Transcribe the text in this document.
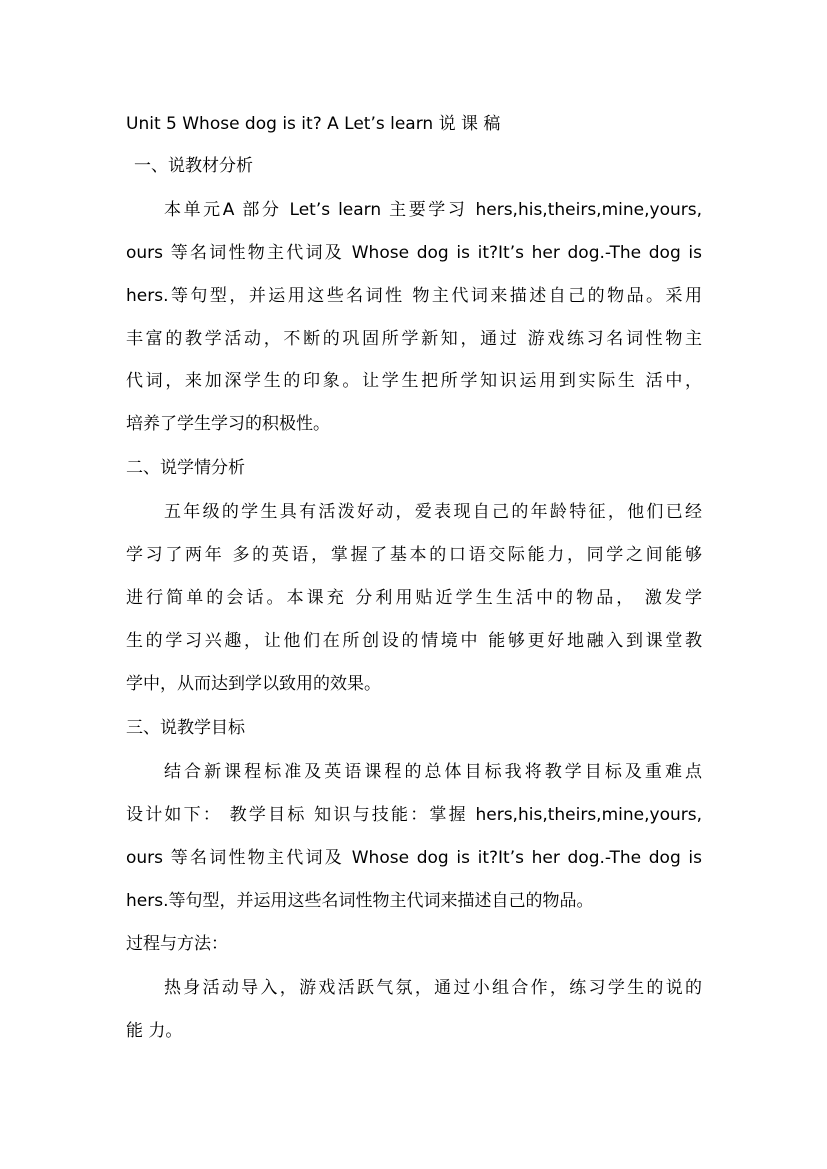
Unit 5 Whose dog is it? A Let’s learn 说 课 稿
一、说教材分析
本单元A 部分 Let’s learn 主要学习 hers,his,theirs,mine,yours,
ours 等名词性物主代词及 Whose dog is it?It’s her dog.-The dog is
hers.等句型，并运用这些名词性 物主代词来描述自己的物品。采用
丰富的教学活动，不断的巩固所学新知，通过 游戏练习名词性物主
代词，来加深学生的印象。让学生把所学知识运用到实际生 活中，
培养了学生学习的积极性。
二、说学情分析
五年级的学生具有活泼好动，爱表现自己的年龄特征，他们已经
学习了两年 多的英语，掌握了基本的口语交际能力，同学之间能够
进行简单的会话。本课充 分利用贴近学生生活中的物品， 激发学
生的学习兴趣，让他们在所创设的情境中 能够更好地融入到课堂教
学中，从而达到学以致用的效果。
三、说教学目标
结合新课程标准及英语课程的总体目标我将教学目标及重难点
设计如下： 教学目标 知识与技能：掌握 hers,his,theirs,mine,yours,
ours 等名词性物主代词及 Whose dog is it?It’s her dog.-The dog is
hers.等句型，并运用这些名词性物主代词来描述自己的物品。
过程与方法：
热身活动导入，游戏活跃气氛，通过小组合作，练习学生的说的
能 力。
